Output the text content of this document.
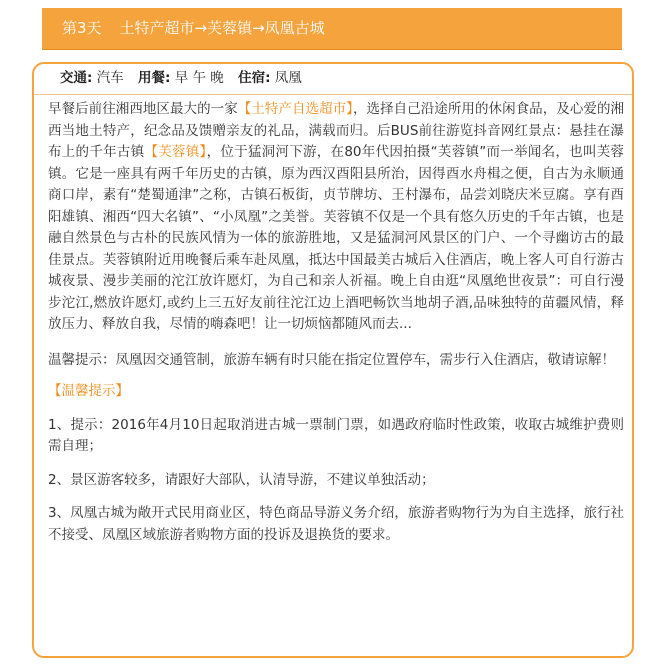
第3天 土特产超市→芙蓉镇→凤凰古城
交通: 汽车 用餐: 早 午 晚 住宿: 凤凰

早餐后前往湘西地区最大的一家【土特产自选超市】，选择自己沿途所用的休闲食品，及心爱的湘西当地土特产，纪念品及馈赠亲友的礼品，满载而归。后BUS前往游览抖音网红景点：悬挂在瀑布上的千年古镇【芙蓉镇】，位于猛洞河下游，在80年代因拍摄“芙蓉镇”而一举闻名，也叫芙蓉镇。它是一座具有两千年历史的古镇，原为西汉酉阳县所治，因得酉水舟楫之便，自古为永顺通商口岸，素有“楚蜀通津”之称，古镇石板街，贞节牌坊、王村瀑布，品尝刘晓庆米豆腐。享有酉阳雄镇、湘西“四大名镇”、“小凤凰”之美誉。芙蓉镇不仅是一个具有悠久历史的千年古镇，也是融自然景色与古朴的民族风情为一体的旅游胜地，又是猛洞河风景区的门户、一个寻幽访古的最佳景点。芙蓉镇附近用晚餐后乘车赴凤凰，抵达中国最美古城后入住酒店，晚上客人可自行游古城夜景、漫步美丽的沱江放许愿灯，为自己和亲人祈福。晚上自由逛“凤凰绝世夜景”：可自行漫步沱江,燃放许愿灯,或约上三五好友前往沱江边上酒吧畅饮当地胡子酒,品味独特的苗疆风情，释放压力、释放自我，尽情的嗨森吧！让一切烦恼都随风而去...

温馨提示：凤凰因交通管制，旅游车辆有时只能在指定位置停车，需步行入住酒店，敬请谅解！

【温馨提示】

1、提示：2016年4月10日起取消进古城一票制门票，如遇政府临时性政策，收取古城维护费则需自理；

2、景区游客较多，请跟好大部队，认清导游，不建议单独活动；

3、凤凰古城为敞开式民用商业区，特色商品导游义务介绍，旅游者购物行为为自主选择，旅行社不接受、凤凰区域旅游者购物方面的投诉及退换货的要求。
